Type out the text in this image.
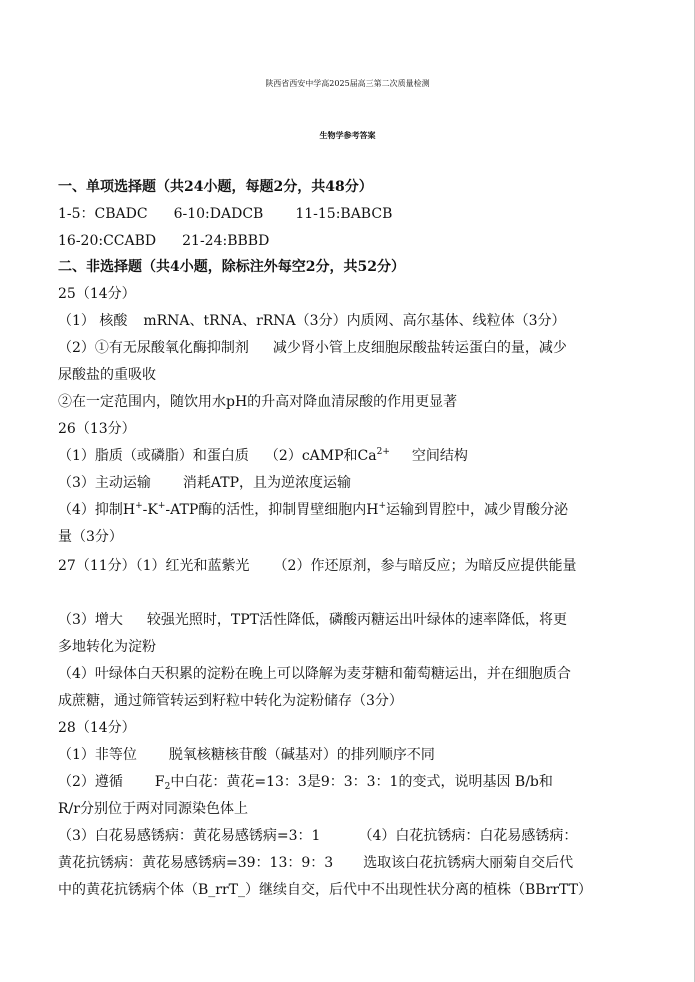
陕西省西安中学高2025届高三第二次质量检测
生物学参考答案
一、单项选择题（共24小题，每题2分，共48分）
1-5：CBADC 6-10:DADCB 11-15:BABCB
16-20:CCABD 21-24:BBBD
二、非选择题（共4小题，除标注外每空2分，共52分）
25（14分）
（1） 核酸 mRNA、tRNA、rRNA（3分）内质网、高尔基体、线粒体（3分）
（2）①有无尿酸氧化酶抑制剂 减少肾小管上皮细胞尿酸盐转运蛋白的量，减少
尿酸盐的重吸收
②在一定范围内，随饮用水pH的升高对降血清尿酸的作用更显著
26（13分）
（1）脂质（或磷脂）和蛋白质 （2）cAMP和$Ca^{2+}$ 空间结构
（3）主动运输 消耗ATP，且为逆浓度运输
（4）抑制H+-K+-ATP酶的活性，抑制胃壁细胞内H+运输到胃腔中，减少胃酸分泌
量（3分）
27（11分）（1）红光和蓝紫光 （2）作还原剂，参与暗反应；为暗反应提供能量
（3）增大 较强光照时，TPT活性降低，磷酸丙糖运出叶绿体的速率降低，将更
多地转化为淀粉
（4）叶绿体白天积累的淀粉在晚上可以降解为麦芽糖和葡萄糖运出，并在细胞质合
成蔗糖，通过筛管转运到籽粒中转化为淀粉储存（3分）
28（14分）
（1）非等位 脱氧核糖核苷酸（碱基对）的排列顺序不同
（2）遵循 $F_2$中白花：黄花=13：3是9：3：3：1的变式，说明基因 B/b和
R/r分别位于两对同源染色体上
（3）白花易感锈病：黄花易感锈病=3：1	（4）白花抗锈病：白花易感锈病：
黄花抗锈病：黄花易感锈病=39：13：9：3 选取该白花抗锈病大丽菊自交后代
中的黄花抗锈病个体（B_rrT_）继续自交，后代中不出现性状分离的植株（BBrrTT）
